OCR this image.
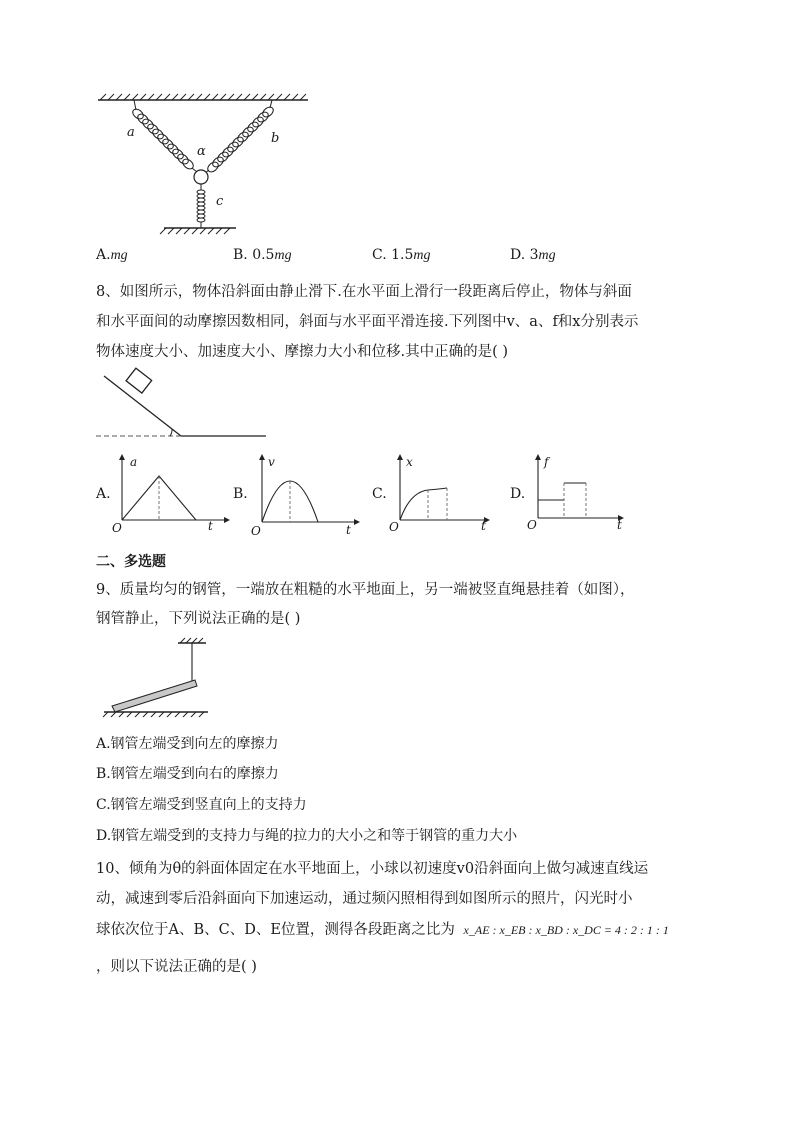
a	b
α
c
A.mg	B. 0.5mg	C. 1.5mg	D. 3mg
8、如图所示，物体沿斜面由静止滑下.在水平面上滑行一段距离后停止，物体与斜面
和水平面间的动摩擦因数相同，斜面与水平面平滑连接.下列图中v、a、f和x分别表示
物体速度大小、加速度大小、摩擦力大小和位移.其中正确的是( )
A.
a
t
O
B.
v
t
O
C.
x
t
O
D.
f
t
O
二、多选题
9、质量均匀的钢管，一端放在粗糙的水平地面上，另一端被竖直绳悬挂着（如图），
钢管静止，下列说法正确的是( )
A.钢管左端受到向左的摩擦力
B.钢管左端受到向右的摩擦力
C.钢管左端受到竖直向上的支持力
D.钢管左端受到的支持力与绳的拉力的大小之和等于钢管的重力大小
10、倾角为θ的斜面体固定在水平地面上，小球以初速度v0沿斜面向上做匀减速直线运
动，减速到零后沿斜面向下加速运动，通过频闪照相得到如图所示的照片，闪光时小
球依次位于A、B、C、D、E位置，测得各段距离之比为 x_AE : x_EB : x_BD : x_DC = 4 : 2 : 1 : 1
，则以下说法正确的是( )
